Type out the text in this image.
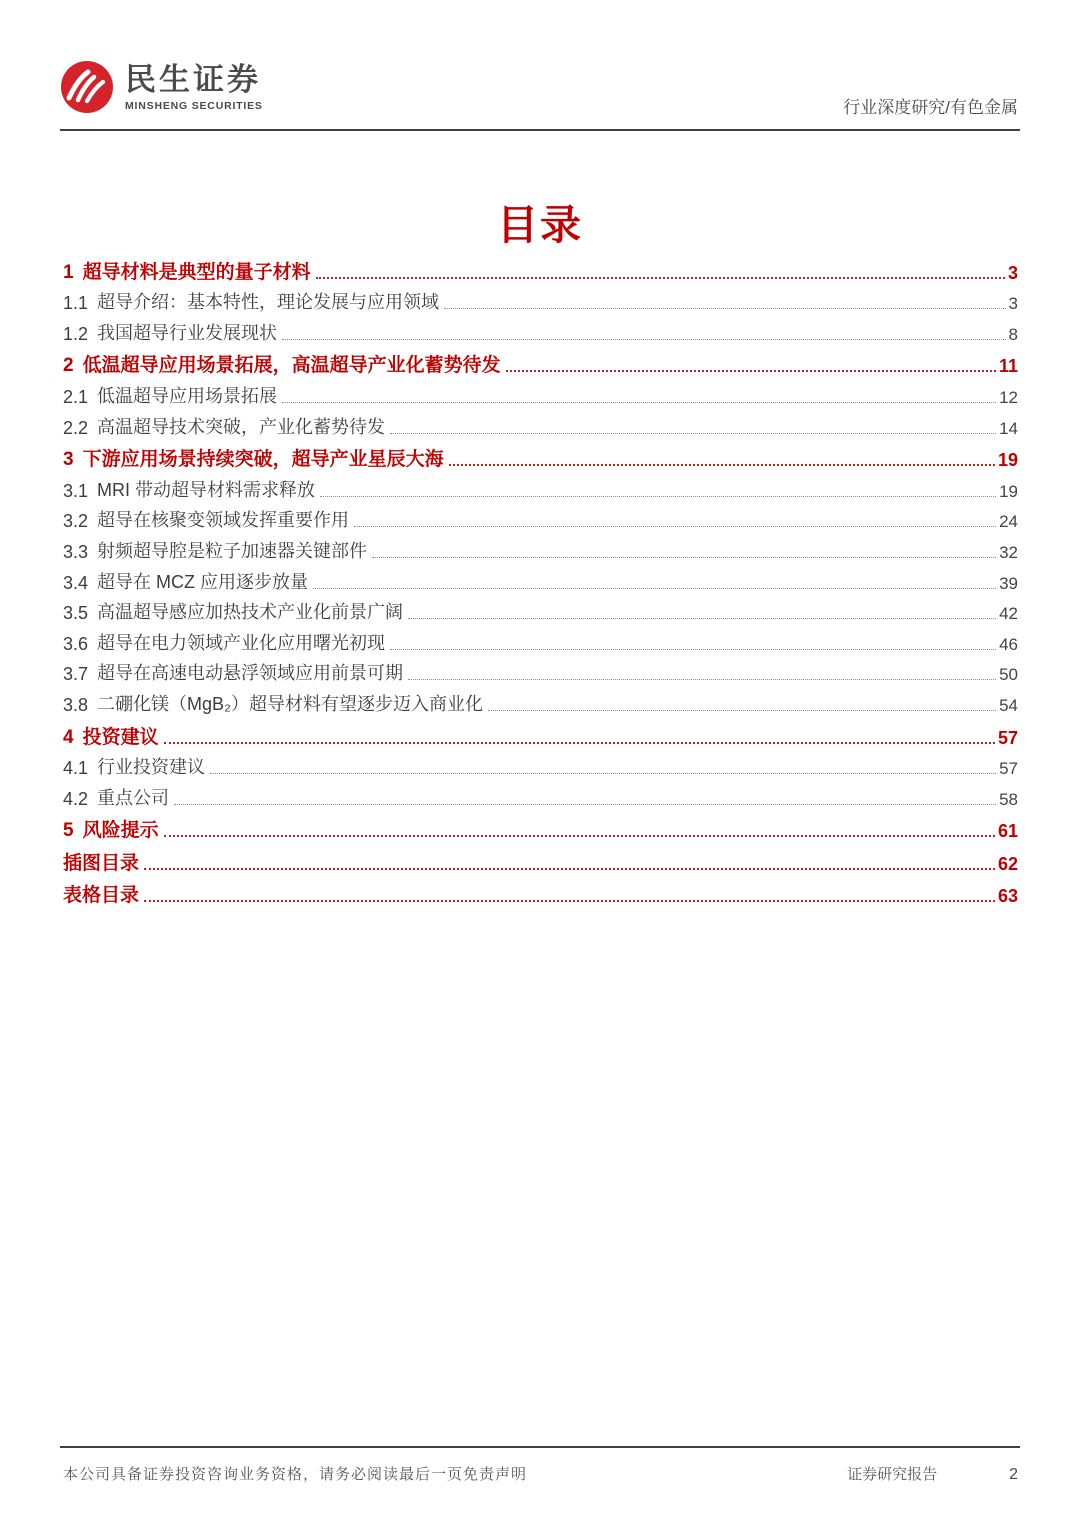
民生证券
MINSHENG SECURITIES	行业深度研究/有色金属
目录
1 超导材料是典型的量子材料	3
1.1 超导介绍：基本特性，理论发展与应用领域	3
1.2 我国超导行业发展现状	8
2 低温超导应用场景拓展，高温超导产业化蓄势待发	11
2.1 低温超导应用场景拓展	12
2.2 高温超导技术突破，产业化蓄势待发	14
3 下游应用场景持续突破，超导产业星辰大海	19
3.1 MRI 带动超导材料需求释放	19
3.2 超导在核聚变领域发挥重要作用	24
3.3 射频超导腔是粒子加速器关键部件	32
3.4 超导在 MCZ 应用逐步放量	39
3.5 高温超导感应加热技术产业化前景广阔	42
3.6 超导在电力领域产业化应用曙光初现	46
3.7 超导在高速电动悬浮领域应用前景可期	50
3.8 二硼化镁（MgB₂）超导材料有望逐步迈入商业化	54
4 投资建议	57
4.1 行业投资建议	57
4.2 重点公司	58
5 风险提示	61
插图目录	62
表格目录	63
本公司具备证券投资咨询业务资格，请务必阅读最后一页免责声明	证券研究报告	2
